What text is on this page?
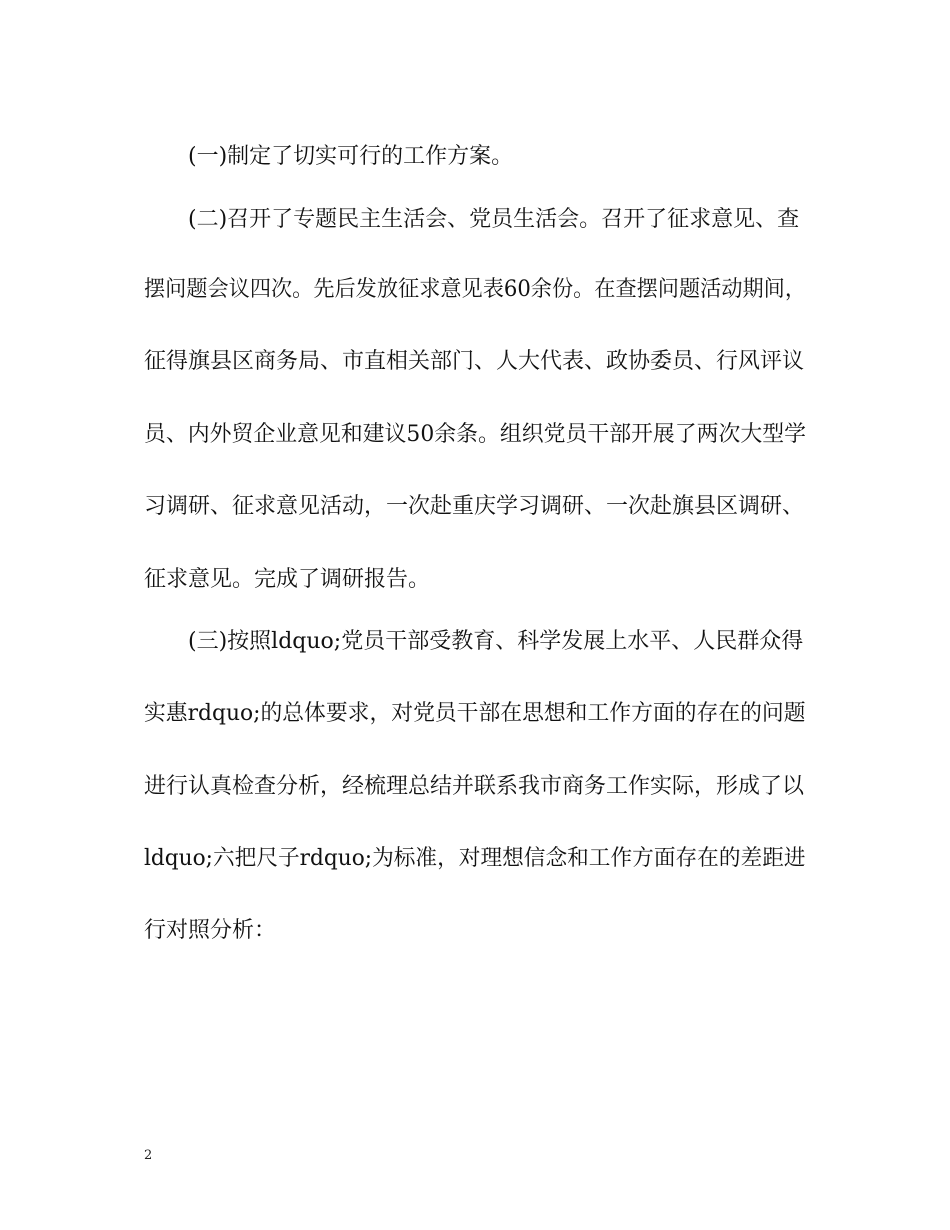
(一)制定了切实可行的工作方案。
(二)召开了专题民主生活会、党员生活会。召开了征求意见、查
摆问题会议四次。先后发放征求意见表60余份。在查摆问题活动期间，
征得旗县区商务局、市直相关部门、人大代表、政协委员、行风评议
员、内外贸企业意见和建议50余条。组织党员干部开展了两次大型学
习调研、征求意见活动，一次赴重庆学习调研、一次赴旗县区调研、
征求意见。完成了调研报告。
(三)按照ldquo;党员干部受教育、科学发展上水平、人民群众得
实惠rdquo;的总体要求，对党员干部在思想和工作方面的存在的问题
进行认真检查分析，经梳理总结并联系我市商务工作实际，形成了以
ldquo;六把尺子rdquo;为标准，对理想信念和工作方面存在的差距进
行对照分析：
2
